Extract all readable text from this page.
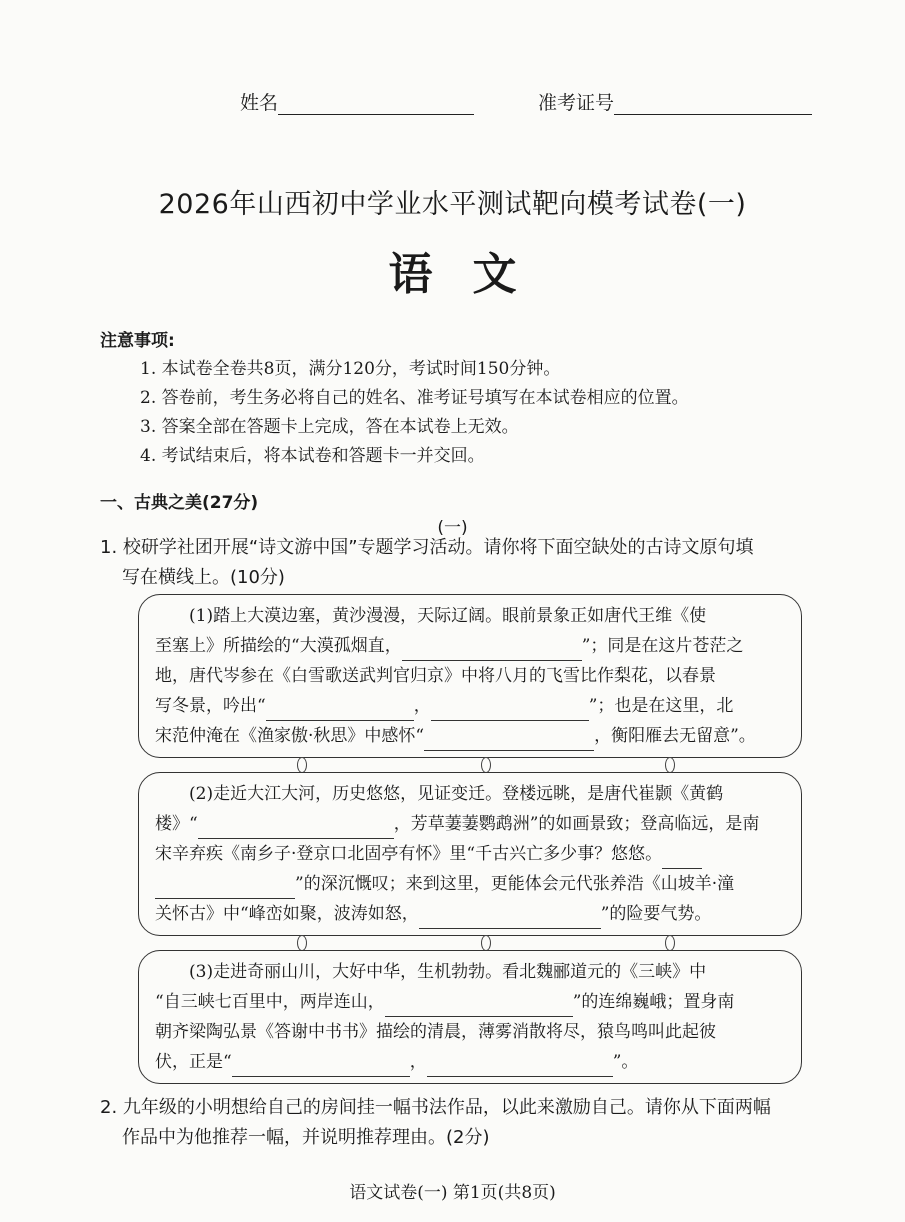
姓名	准考证号
2026年山西初中学业水平测试靶向模考试卷(一)
语文
注意事项:
1. 本试卷全卷共8页，满分120分，考试时间150分钟。
2. 答卷前，考生务必将自己的姓名、准考证号填写在本试卷相应的位置。
3. 答案全部在答题卡上完成，答在本试卷上无效。
4. 考试结束后，将本试卷和答题卡一并交回。
一、古典之美(27分)
(一)
1. 校研学社团开展“诗文游中国”专题学习活动。请你将下面空缺处的古诗文原句填
写在横线上。(10分)

(1)踏上大漠边塞，黄沙漫漫，天际辽阔。眼前景象正如唐代王维《使

至塞上》所描绘的“大漠孤烟直，	”；同是在这片苍茫之

地，唐代岑参在《白雪歌送武判官归京》中将八月的飞雪比作梨花，以春景

写冬景，吟出“	，	”；也是在这里，北

宋范仲淹在《渔家傲·秋思》中感怀“	，衡阳雁去无留意”。

(2)走近大江大河，历史悠悠，见证变迁。登楼远眺，是唐代崔颢《黄鹤

楼》“	，芳草萋萋鹦鹉洲”的如画景致；登高临远，是南

宋辛弃疾《南乡子·登京口北固亭有怀》里“千古兴亡多少事？悠悠。

”的深沉慨叹；来到这里，更能体会元代张养浩《山坡羊·潼

关怀古》中“峰峦如聚，波涛如怒，	”的险要气势。

(3)走进奇丽山川，大好中华，生机勃勃。看北魏郦道元的《三峡》中

“自三峡七百里中，两岸连山，	”的连绵巍峨；置身南

朝齐梁陶弘景《答谢中书书》描绘的清晨，薄雾消散将尽，猿鸟鸣叫此起彼

伏，正是“	，	”。

2. 九年级的小明想给自己的房间挂一幅书法作品，以此来激励自己。请你从下面两幅
作品中为他推荐一幅，并说明推荐理由。(2分)
语文试卷(一) 第1页(共8页)
